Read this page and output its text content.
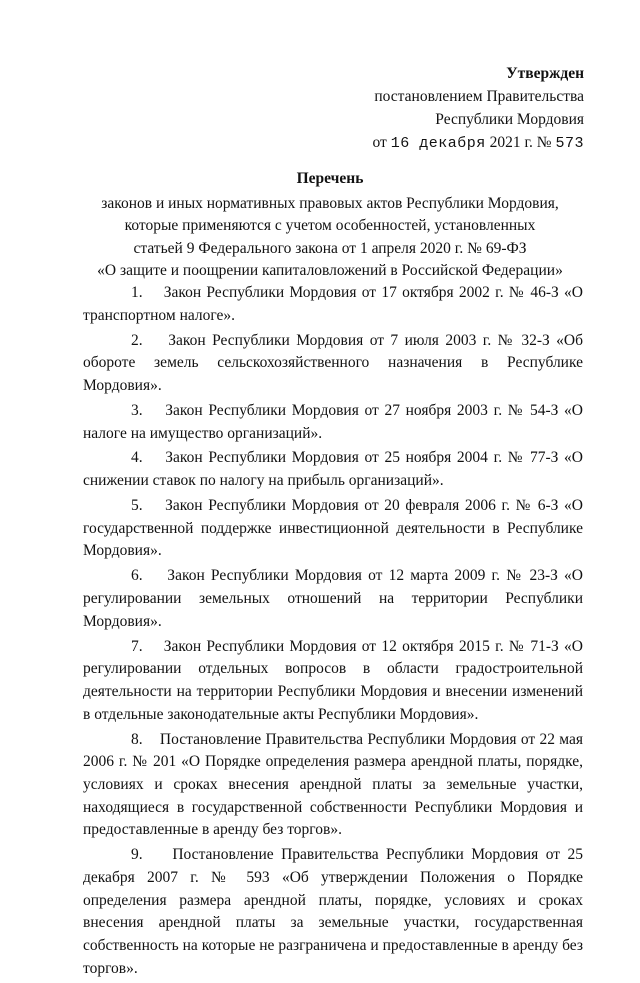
Утвержден
постановлением Правительства
Республики Мордовия
от 16 декабря 2021 г. № 573
Перечень
законов и иных нормативных правовых актов Республики Мордовия,
которые применяются с учетом особенностей, установленных
статьей 9 Федерального закона от 1 апреля 2020 г. № 69-ФЗ
«О защите и поощрении капиталовложений в Российской Федерации»

1.    Закон Республики Мордовия от 17 октября 2002 г. № 46-З «О транспортном налоге».

2.    Закон Республики Мордовия от 7 июля 2003 г. № 32-З «Об обороте земель сельскохозяйственного назначения в Республике Мордовия».

3.    Закон Республики Мордовия от 27 ноября 2003 г. № 54-З «О налоге на имущество организаций».

4.    Закон Республики Мордовия от 25 ноября 2004 г. № 77-З «О снижении ставок по налогу на прибыль организаций».

5.    Закон Республики Мордовия от 20 февраля 2006 г. № 6-З «О государственной поддержке инвестиционной деятельности в Республике Мордовия».

6.    Закон Республики Мордовия от 12 марта 2009 г. № 23-З «О регулировании земельных отношений на территории Республики Мордовия».

7.    Закон Республики Мордовия от 12 октября 2015 г. № 71-З «О регулировании отдельных вопросов в области градостроительной деятельности на территории Республики Мордовия и внесении изменений в отдельные законодательные акты Республики Мордовия».

8.    Постановление Правительства Республики Мордовия от 22 мая 2006 г. № 201 «О Порядке определения размера арендной платы, порядке, условиях и сроках внесения арендной платы за земельные участки, находящиеся в государственной собственности Республики Мордовия и предоставленные в аренду без торгов».

9.    Постановление Правительства Республики Мордовия от 25 декабря 2007 г. № 593 «Об утверждении Положения о Порядке определения размера арендной платы, порядке, условиях и сроках внесения арендной платы за земельные участки, государственная собственность на которые не разграничена и предоставленные в аренду без торгов».
